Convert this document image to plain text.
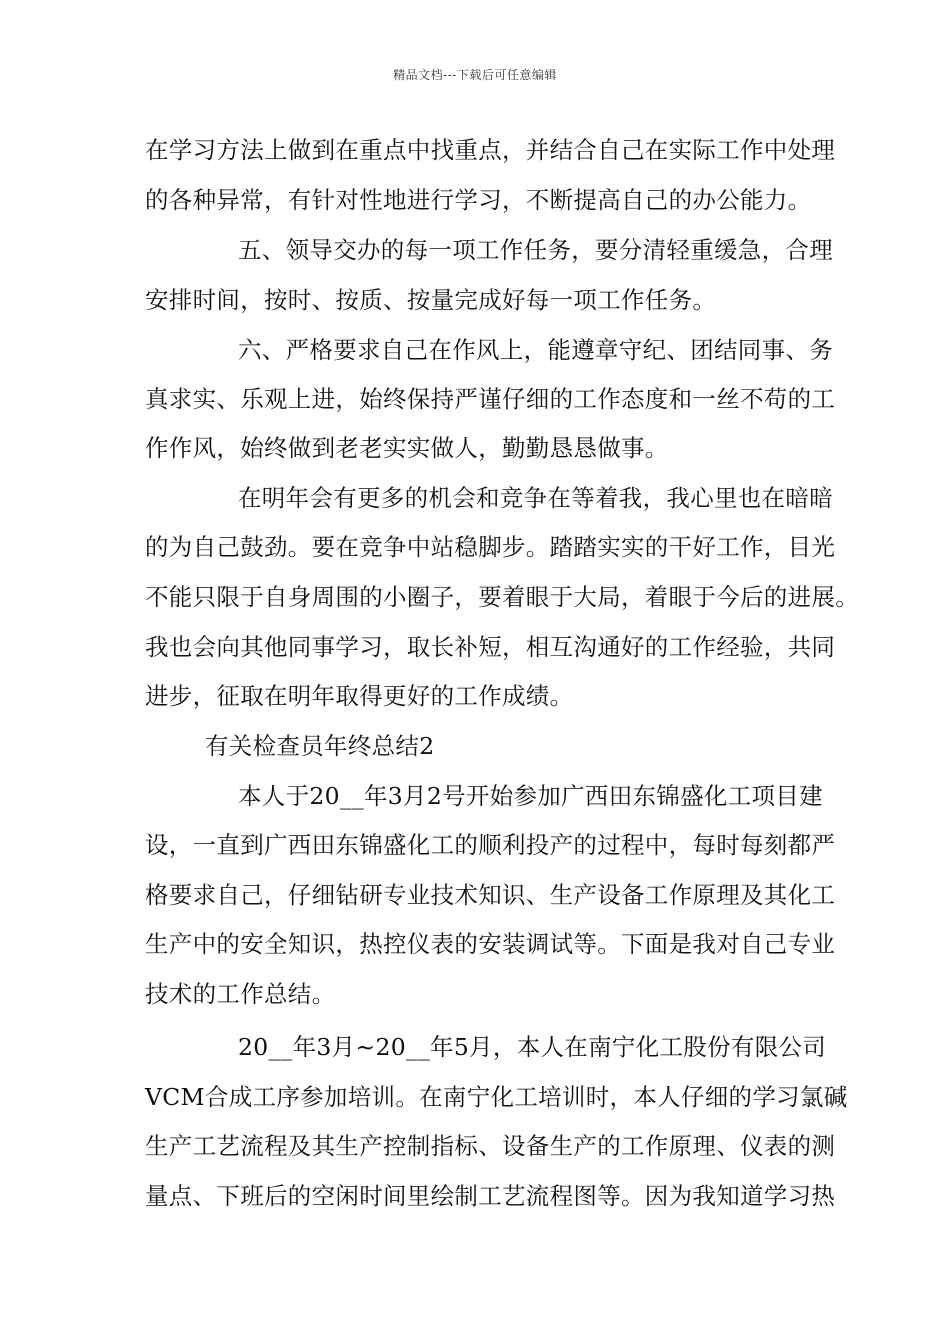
精品文档---下载后可任意编辑
在学习方法上做到在重点中找重点，并结合自己在实际工作中处理
的各种异常，有针对性地进行学习，不断提高自己的办公能力。
五、领导交办的每一项工作任务，要分清轻重缓急，合理
安排时间，按时、按质、按量完成好每一项工作任务。
六、严格要求自己在作风上，能遵章守纪、团结同事、务
真求实、乐观上进，始终保持严谨仔细的工作态度和一丝不苟的工
作作风，始终做到老老实实做人，勤勤恳恳做事。
在明年会有更多的机会和竞争在等着我，我心里也在暗暗
的为自己鼓劲。要在竞争中站稳脚步。踏踏实实的干好工作，目光
不能只限于自身周围的小圈子，要着眼于大局，着眼于今后的进展。
我也会向其他同事学习，取长补短，相互沟通好的工作经验，共同
进步，征取在明年取得更好的工作成绩。
有关检查员年终总结2
本人于20__年3月2号开始参加广西田东锦盛化工项目建
设，一直到广西田东锦盛化工的顺利投产的过程中，每时每刻都严
格要求自己，仔细钻研专业技术知识、生产设备工作原理及其化工
生产中的安全知识，热控仪表的安装调试等。下面是我对自己专业
技术的工作总结。
20__年3月~20__年5月，本人在南宁化工股份有限公司
VCM合成工序参加培训。在南宁化工培训时，本人仔细的学习氯碱
生产工艺流程及其生产控制指标、设备生产的工作原理、仪表的测
量点、下班后的空闲时间里绘制工艺流程图等。因为我知道学习热
